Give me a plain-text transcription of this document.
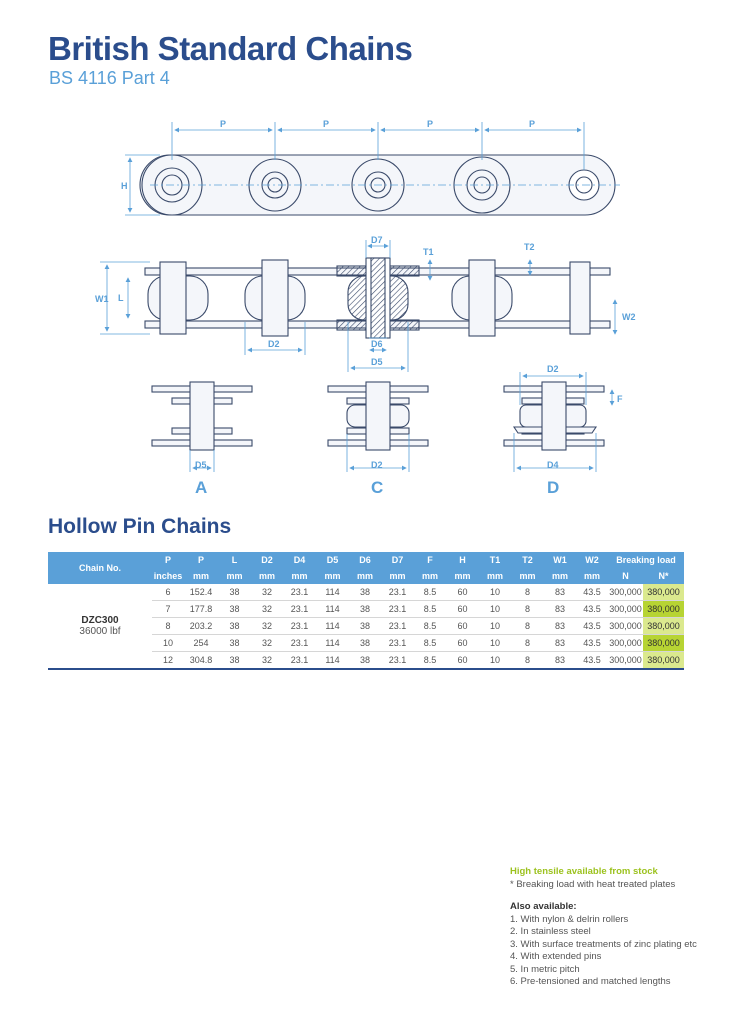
British Standard Chains
BS 4116 Part 4
P	P	P	P
H
D7
T1	T2
W1 L
W2
D2	D6
D5
D2
F
D5	D2	D4
A	C	D
Hollow Pin Chains
Chain No.	P	P	L	D2	D4	D5	D6	D7	F	H	T1	T2	W1	W2	Breaking load	
	inches	mm	mm	mm	mm	mm	mm	mm	mm	mm	mm	mm	mm	mm	N	N*

DZC300
36000 lbf	6	152.4	38	32	23.1	114	38	23.1	8.5	60	10	8	83	43.5	300,000	380,000
	7	177.8	38	32	23.1	114	38	23.1	8.5	60	10	8	83	43.5	300,000	380,000
	8	203.2	38	32	23.1	114	38	23.1	8.5	60	10	8	83	43.5	300,000	380,000
	10	254	38	32	23.1	114	38	23.1	8.5	60	10	8	83	43.5	300,000	380,000
	12	304.8	38	32	23.1	114	38	23.1	8.5	60	10	8	83	43.5	300,000	380,000
High tensile available from stock
* Breaking load with heat treated plates
Also available:
1. With nylon & delrin rollers
2. In stainless steel
3. With surface treatments of zinc plating etc
4. With extended pins
5. In metric pitch
6. Pre-tensioned and matched lengths
